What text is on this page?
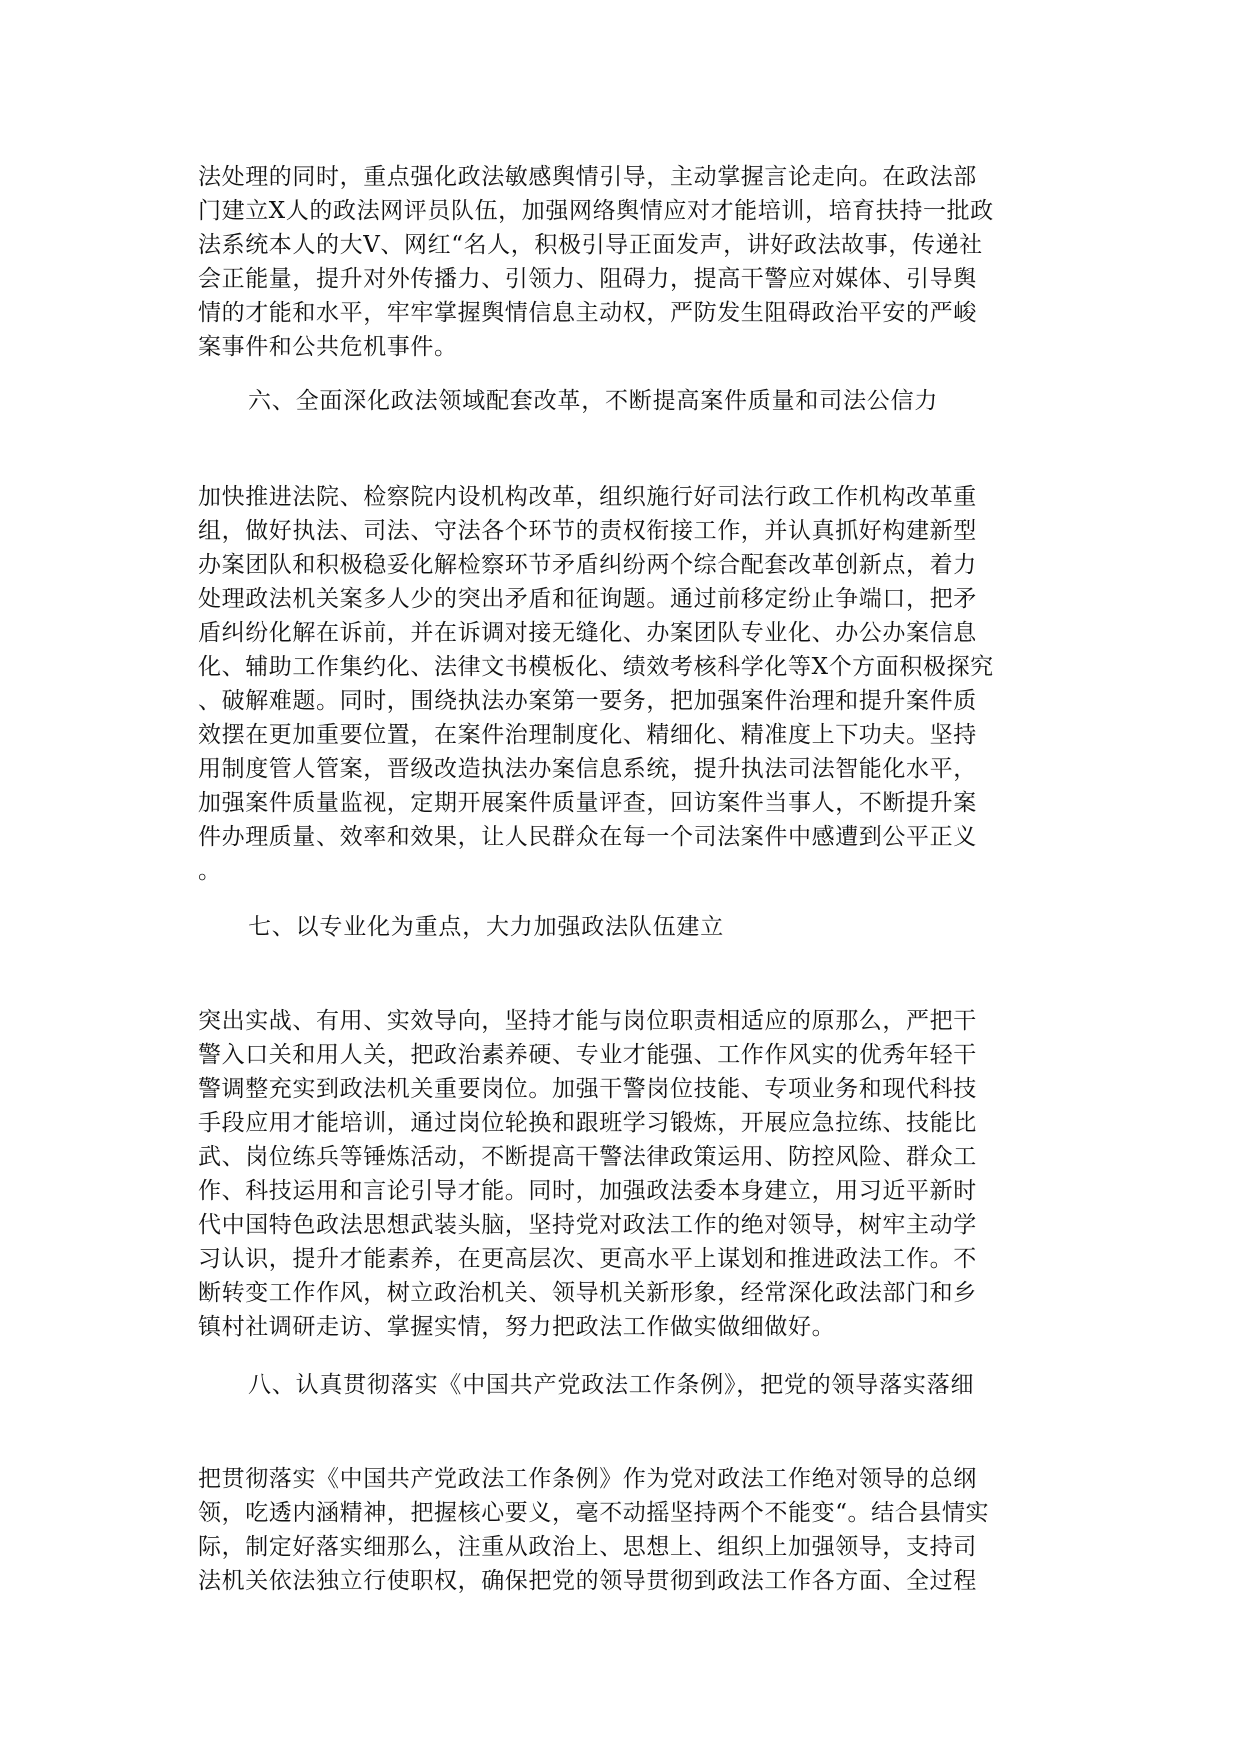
法处理的同时，重点强化政法敏感舆情引导，主动掌握言论走向。在政法部
门建立X人的政法网评员队伍，加强网络舆情应对才能培训，培育扶持一批政
法系统本人的大V、网红“名人，积极引导正面发声，讲好政法故事，传递社
会正能量，提升对外传播力、引领力、阻碍力，提高干警应对媒体、引导舆
情的才能和水平，牢牢掌握舆情信息主动权，严防发生阻碍政治平安的严峻
案事件和公共危机事件。
六、全面深化政法领域配套改革，不断提高案件质量和司法公信力
加快推进法院、检察院内设机构改革，组织施行好司法行政工作机构改革重
组，做好执法、司法、守法各个环节的责权衔接工作，并认真抓好构建新型
办案团队和积极稳妥化解检察环节矛盾纠纷两个综合配套改革创新点，着力
处理政法机关案多人少的突出矛盾和征询题。通过前移定纷止争端口，把矛
盾纠纷化解在诉前，并在诉调对接无缝化、办案团队专业化、办公办案信息
化、辅助工作集约化、法律文书模板化、绩效考核科学化等X个方面积极探究
、破解难题。同时，围绕执法办案第一要务，把加强案件治理和提升案件质
效摆在更加重要位置，在案件治理制度化、精细化、精准度上下功夫。坚持
用制度管人管案，晋级改造执法办案信息系统，提升执法司法智能化水平，
加强案件质量监视，定期开展案件质量评查，回访案件当事人，不断提升案
件办理质量、效率和效果，让人民群众在每一个司法案件中感遭到公平正义
。
七、以专业化为重点，大力加强政法队伍建立
突出实战、有用、实效导向，坚持才能与岗位职责相适应的原那么，严把干
警入口关和用人关，把政治素养硬、专业才能强、工作作风实的优秀年轻干
警调整充实到政法机关重要岗位。加强干警岗位技能、专项业务和现代科技
手段应用才能培训，通过岗位轮换和跟班学习锻炼，开展应急拉练、技能比
武、岗位练兵等锤炼活动，不断提高干警法律政策运用、防控风险、群众工
作、科技运用和言论引导才能。同时，加强政法委本身建立，用习近平新时
代中国特色政法思想武装头脑，坚持党对政法工作的绝对领导，树牢主动学
习认识，提升才能素养，在更高层次、更高水平上谋划和推进政法工作。不
断转变工作作风，树立政治机关、领导机关新形象，经常深化政法部门和乡
镇村社调研走访、掌握实情，努力把政法工作做实做细做好。
八、认真贯彻落实《中国共产党政法工作条例》，把党的领导落实落细
把贯彻落实《中国共产党政法工作条例》作为党对政法工作绝对领导的总纲
领，吃透内涵精神，把握核心要义，毫不动摇坚持两个不能变“。结合县情实
际，制定好落实细那么，注重从政治上、思想上、组织上加强领导，支持司
法机关依法独立行使职权，确保把党的领导贯彻到政法工作各方面、全过程
